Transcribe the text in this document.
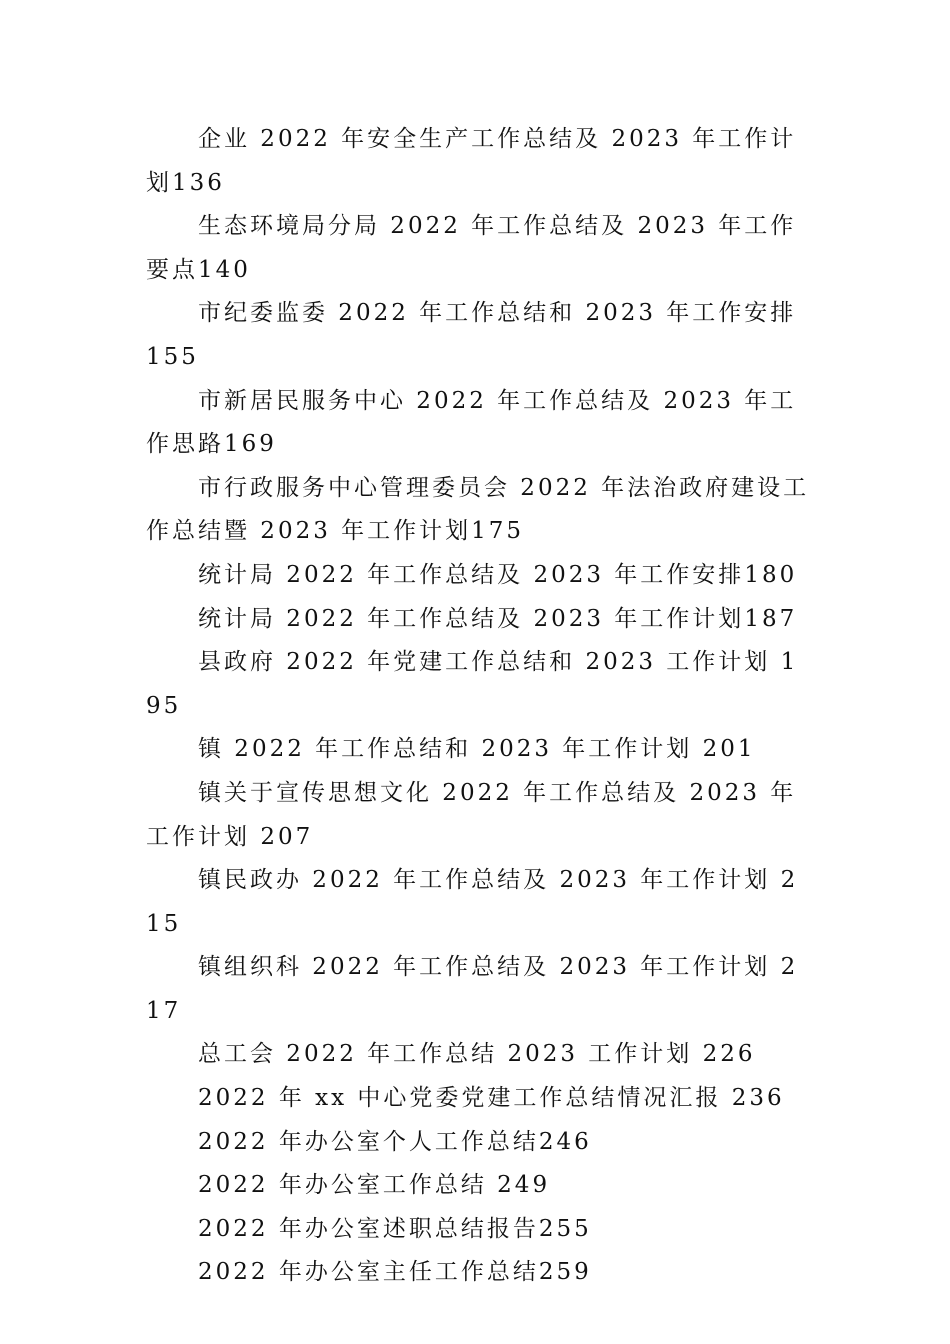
企业 2022 年安全生产工作总结及 2023 年工作计划136

生态环境局分局 2022 年工作总结及 2023 年工作要点140

市纪委监委 2022 年工作总结和 2023 年工作安排 155

市新居民服务中心 2022 年工作总结及 2023 年工作思路169

市行政服务中心管理委员会 2022 年法治政府建设工作总结暨 2023 年工作计划175

统计局 2022 年工作总结及 2023 年工作安排180

统计局 2022 年工作总结及 2023 年工作计划187

县政府 2022 年党建工作总结和 2023 工作计划 195

镇 2022 年工作总结和 2023 年工作计划 201

镇关于宣传思想文化 2022 年工作总结及 2023 年工作计划 207

镇民政办 2022 年工作总结及 2023 年工作计划 215

镇组织科 2022 年工作总结及 2023 年工作计划 217

总工会 2022 年工作总结 2023 工作计划 226

2022 年 xx 中心党委党建工作总结情况汇报 236

2022 年办公室个人工作总结246

2022 年办公室工作总结 249

2022 年办公室述职总结报告255

2022 年办公室主任工作总结259
